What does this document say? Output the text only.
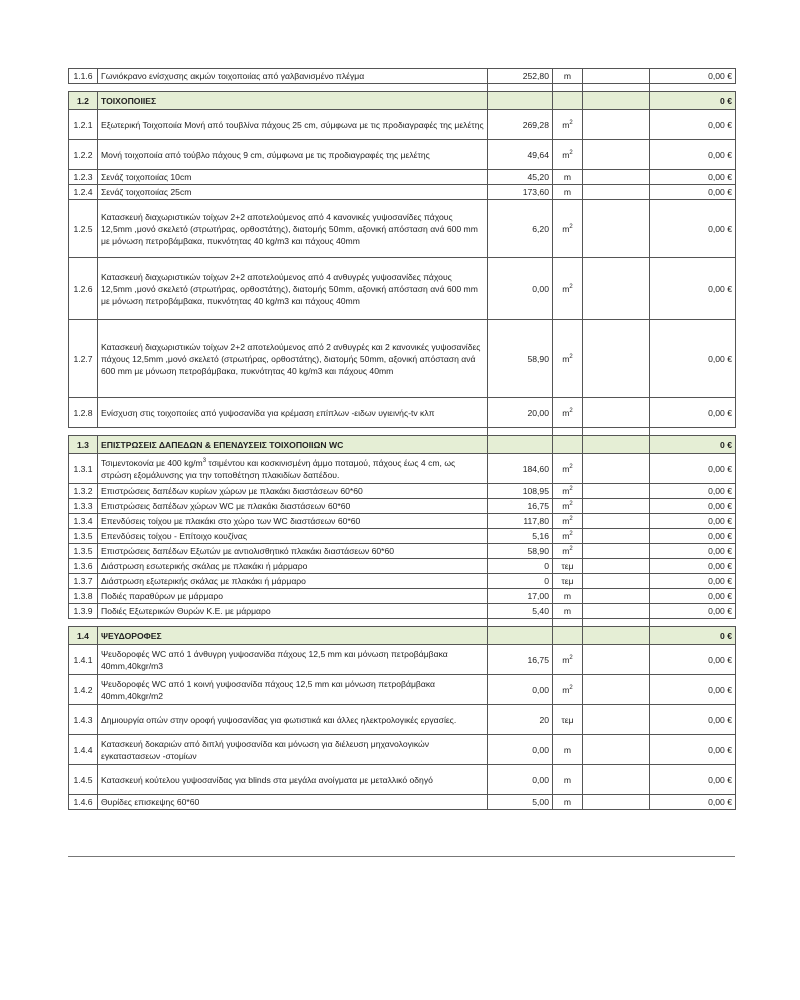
1.1.6	Γωνιόκρανο ενίσχυσης ακμών τοιχοποιίας από γαλβανισμένο πλέγμα	252,80	m		0,00 €

1.2	ΤΟΙΧΟΠΟΙΙΕΣ				0 €
1.2.1	Εξωτερική Τοιχοποιία Μονή από τουβλίνα πάχους 25 cm, σύμφωνα με τις προδιαγραφές της μελέτης	269,28	$m^2$		0,00 €
1.2.2	Μονή τοιχοποιία από τούβλο πάχους 9 cm, σύμφωνα με τις προδιαγραφές της μελέτης	49,64	$m^2$		0,00 €
1.2.3	Σενάζ τοιχοποιίας 10cm	45,20	m		0,00 €
1.2.4	Σενάζ τοιχοποιίας 25cm	173,60	m		0,00 €
1.2.5	Κατασκευή διαχωριστικών τοίχων 2+2 αποτελούμενος από 4 κανονικές γυψοσανίδες πάχους 12,5mm ,μονό σκελετό (στρωτήρας, ορθοστάτης), διατομής 50mm, αξονική απόσταση ανά 600 mm με μόνωση πετροβάμβακα, πυκνότητας 40 kg/m3 και πάχους 40mm	6,20	$m^2$		0,00 €
1.2.6	Κατασκευή διαχωριστικών τοίχων 2+2 αποτελούμενος από 4 ανθυγρές γυψοσανίδες πάχους 12,5mm ,μονό σκελετό (στρωτήρας, ορθοστάτης), διατομής 50mm, αξονική απόσταση ανά 600 mm με μόνωση πετροβάμβακα, πυκνότητας 40 kg/m3 και πάχους 40mm	0,00	$m^2$		0,00 €
1.2.7	Κατασκευή διαχωριστικών τοίχων 2+2 αποτελούμενος από 2 ανθυγρές και 2 κανονικές γυψοσανίδες πάχους 12,5mm ,μονό σκελετό (στρωτήρας, ορθοστάτης), διατομής 50mm, αξονική απόσταση ανά 600 mm με μόνωση πετροβάμβακα, πυκνότητας 40 kg/m3 και πάχους 40mm	58,90	$m^2$		0,00 €
1.2.8	Ενίσχυση στις τοιχοποιίες από γυψοσανίδα για κρέμαση επίπλων -ειδων υγιεινής-tv κλπ	20,00	$m^2$		0,00 €

1.3	ΕΠΙΣΤΡΩΣΕΙΣ ΔΑΠΕΔΩΝ & ΕΠΕΝΔΥΣΕΙΣ ΤΟΙΧΟΠΟΙΙΩΝ WC				0 €
1.3.1	Τσιμεντοκονία με 400 $kg/m^3$ τσιμέντου και κοσκινισμένη άμμο ποταμού, πάχους έως 4 cm, ως στρώση εξομάλυνσης για την τοποθέτηση πλακιδίων δαπέδου.	184,60	$m^2$		0,00 €
1.3.2	Επιστρώσεις δαπέδων κυρίων χώρων με πλακάκι διαστάσεων 60*60	108,95	$m^2$		0,00 €
1.3.3	Επιστρώσεις δαπέδων χώρων WC με πλακάκι διαστάσεων 60*60	16,75	$m^2$		0,00 €
1.3.4	Επενδύσεις τοίχου με πλακάκι στο χώρο των WC διαστάσεων 60*60	117,80	$m^2$		0,00 €
1.3.5	Επενδύσεις τοίχου - Επίτοιχο κουζίνας	5,16	$m^2$		0,00 €
1.3.5	Επιστρώσεις δαπέδων Εξωτών με αντιολισθητικό πλακάκι διαστάσεων 60*60	58,90	$m^2$		0,00 €
1.3.6	Διάστρωση εσωτερικής σκάλας με πλακάκι ή μάρμαρο	0	τεμ		0,00 €
1.3.7	Διάστρωση εξωτερικής σκάλας με πλακάκι ή μάρμαρο	0	τεμ		0,00 €
1.3.8	Ποδιές παραθύρων με μάρμαρο	17,00	m		0,00 €
1.3.9	Ποδιές Εξωτερικών Θυρών Κ.Ε. με μάρμαρο	5,40	m		0,00 €

1.4	ΨΕΥΔΟΡΟΦΕΣ				0 €
1.4.1	Ψευδοροφές WC από 1 άνθυγρη γυψοσανίδα πάχους 12,5 mm και μόνωση πετροβάμβακα 40mm,40kgr/m3	16,75	$m^2$		0,00 €
1.4.2	Ψευδοροφές WC από 1 κοινή γυψοσανίδα πάχους 12,5 mm και μόνωση πετροβάμβακα 40mm,40kgr/m2	0,00	$m^2$		0,00 €
1.4.3	Δημιουργία οπών στην οροφή γυψοσανίδας για φωτιστικά και άλλες ηλεκτρολογικές εργασίες.	20	τεμ		0,00 €
1.4.4	Κατασκευή δοκαριών από διπλή γυψοσανίδα και μόνωση για διέλευση μηχανολογικών εγκαταστασεων -στομίων	0,00	m		0,00 €
1.4.5	Κατασκευή κούτελου γυψοσανίδας για blinds στα μεγάλα ανοίγματα με μεταλλικό οδηγό	0,00	m		0,00 €
1.4.6	Θυρίδες επισκεψης 60*60	5,00	m		0,00 €
